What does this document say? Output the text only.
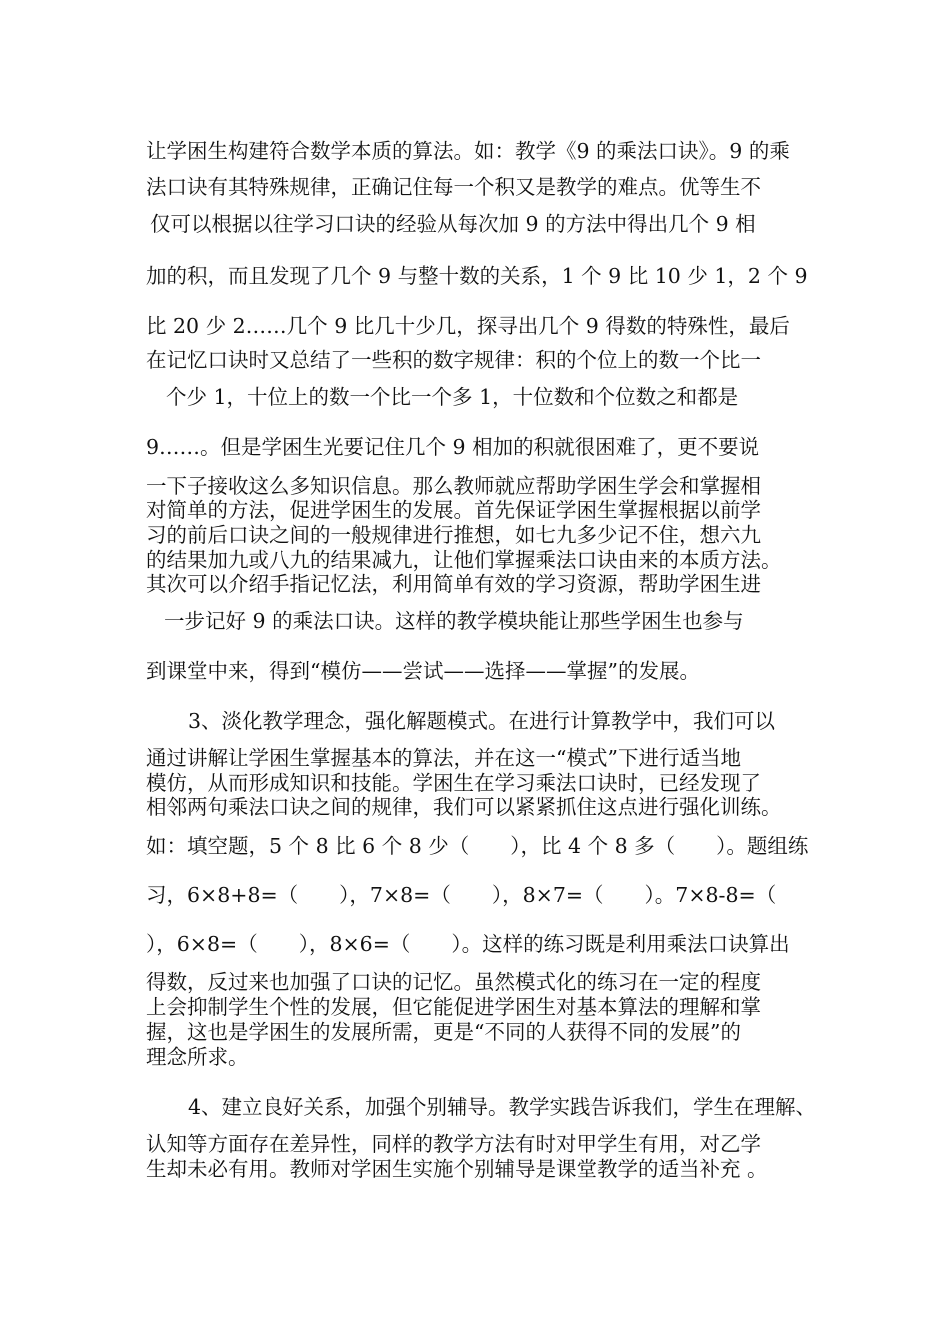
让学困生构建符合数学本质的算法。如：教学《9 的乘法口诀》。9 的乘
法口诀有其特殊规律，正确记住每一个积又是教学的难点。优等生不
仅可以根据以往学习口诀的经验从每次加 9 的方法中得出几个 9 相
加的积，而且发现了几个 9 与整十数的关系，1 个 9 比 10 少 1，2 个 9
比 20 少 2……几个 9 比几十少几，探寻出几个 9 得数的特殊性，最后
在记忆口诀时又总结了一些积的数字规律：积的个位上的数一个比一
个少 1，十位上的数一个比一个多 1，十位数和个位数之和都是
9……。但是学困生光要记住几个 9 相加的积就很困难了，更不要说
一下子接收这么多知识信息。那么教师就应帮助学困生学会和掌握相
对简单的方法，促进学困生的发展。首先保证学困生掌握根据以前学
习的前后口诀之间的一般规律进行推想，如七九多少记不住，想六九
的结果加九或八九的结果减九，让他们掌握乘法口诀由来的本质方法。
其次可以介绍手指记忆法，利用简单有效的学习资源，帮助学困生进
一步记好 9 的乘法口诀。这样的教学模块能让那些学困生也参与
到课堂中来，得到“模仿——尝试——选择——掌握”的发展。
3、淡化教学理念，强化解题模式。在进行计算教学中，我们可以
通过讲解让学困生掌握基本的算法，并在这一“模式”下进行适当地
模仿，从而形成知识和技能。学困生在学习乘法口诀时，已经发现了
相邻两句乘法口诀之间的规律，我们可以紧紧抓住这点进行强化训练。
如：填空题，5 个 8 比 6 个 8 少（　　），比 4 个 8 多（　　）。题组练
习，6×8+8=（　　），7×8=（　　），8×7=（　　）。7×8-8=（
），6×8=（　　），8×6=（　　）。这样的练习既是利用乘法口诀算出
得数，反过来也加强了口诀的记忆。虽然模式化的练习在一定的程度
上会抑制学生个性的发展，但它能促进学困生对基本算法的理解和掌
握，这也是学困生的发展所需，更是“不同的人获得不同的发展”的
理念所求。
4、建立良好关系，加强个别辅导。教学实践告诉我们，学生在理解、
认知等方面存在差异性，同样的教学方法有时对甲学生有用，对乙学
生却未必有用。教师对学困生实施个别辅导是课堂教学的适当补充 。
